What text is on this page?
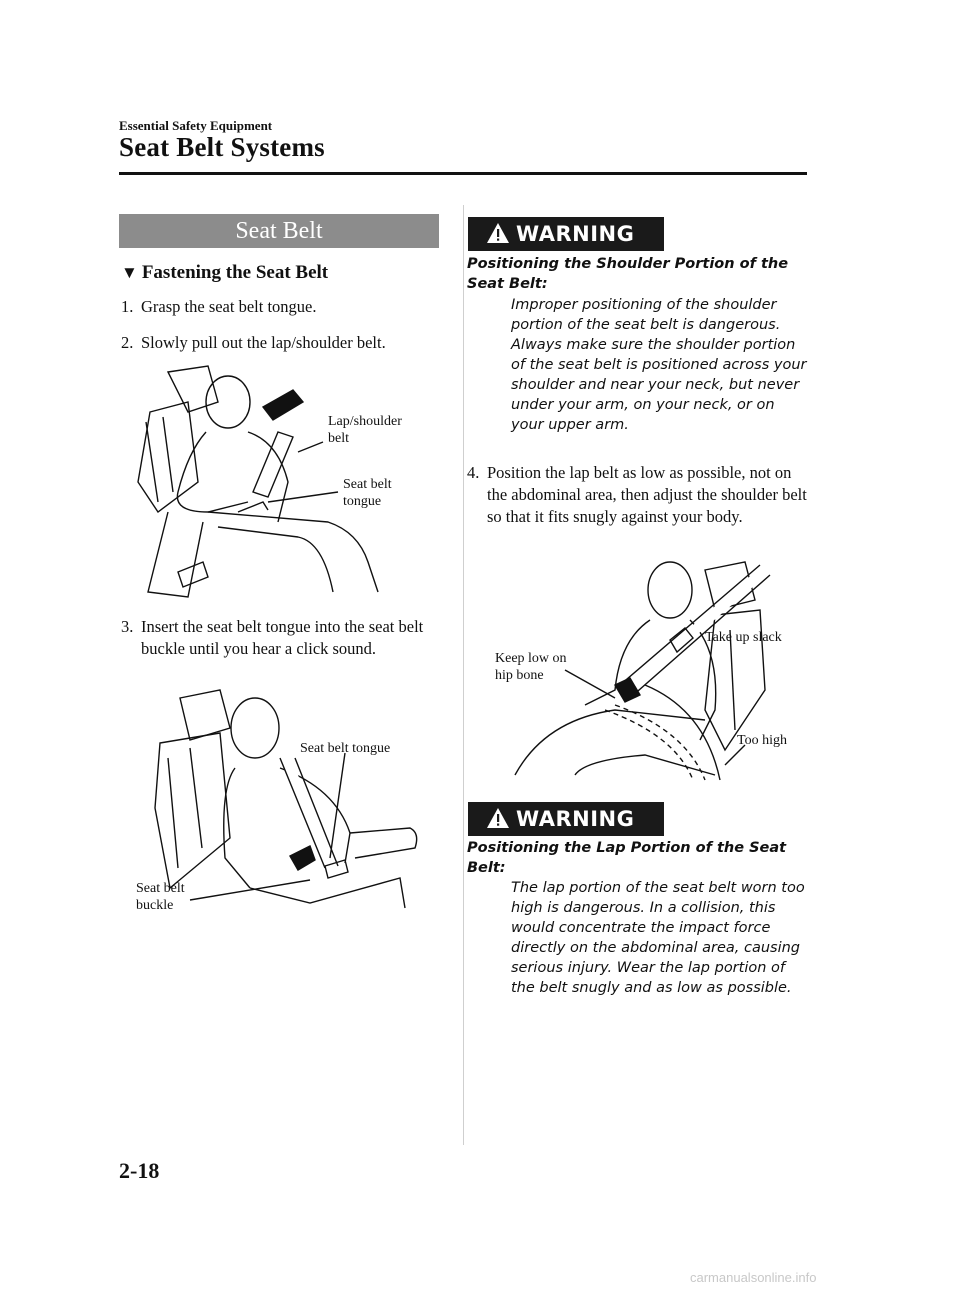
Essential Safety Equipment
Seat Belt Systems
Seat Belt
▼ Fastening the Seat Belt
1. Grasp the seat belt tongue.
2. Slowly pull out the lap/shoulder belt.
Lap/shoulder
belt
Seat belt
tongue
3. Insert the seat belt tongue into the seat belt buckle until you hear a click sound.
Seat belt tongue
Seat belt
buckle
WARNING
Positioning the Shoulder Portion of the Seat Belt:
Improper positioning of the shoulder portion of the seat belt is dangerous. Always make sure the shoulder portion of the seat belt is positioned across your shoulder and near your neck, but never under your arm, on your neck, or on your upper arm.
4. Position the lap belt as low as possible, not on the abdominal area, then adjust the shoulder belt so that it fits snugly against your body.
Take up slack
Keep low on
hip bone
Too high
WARNING
Positioning the Lap Portion of the Seat Belt:
The lap portion of the seat belt worn too high is dangerous. In a collision, this would concentrate the impact force directly on the abdominal area, causing serious injury. Wear the lap portion of the belt snugly and as low as possible.
2-18
carmanualsonline.info
